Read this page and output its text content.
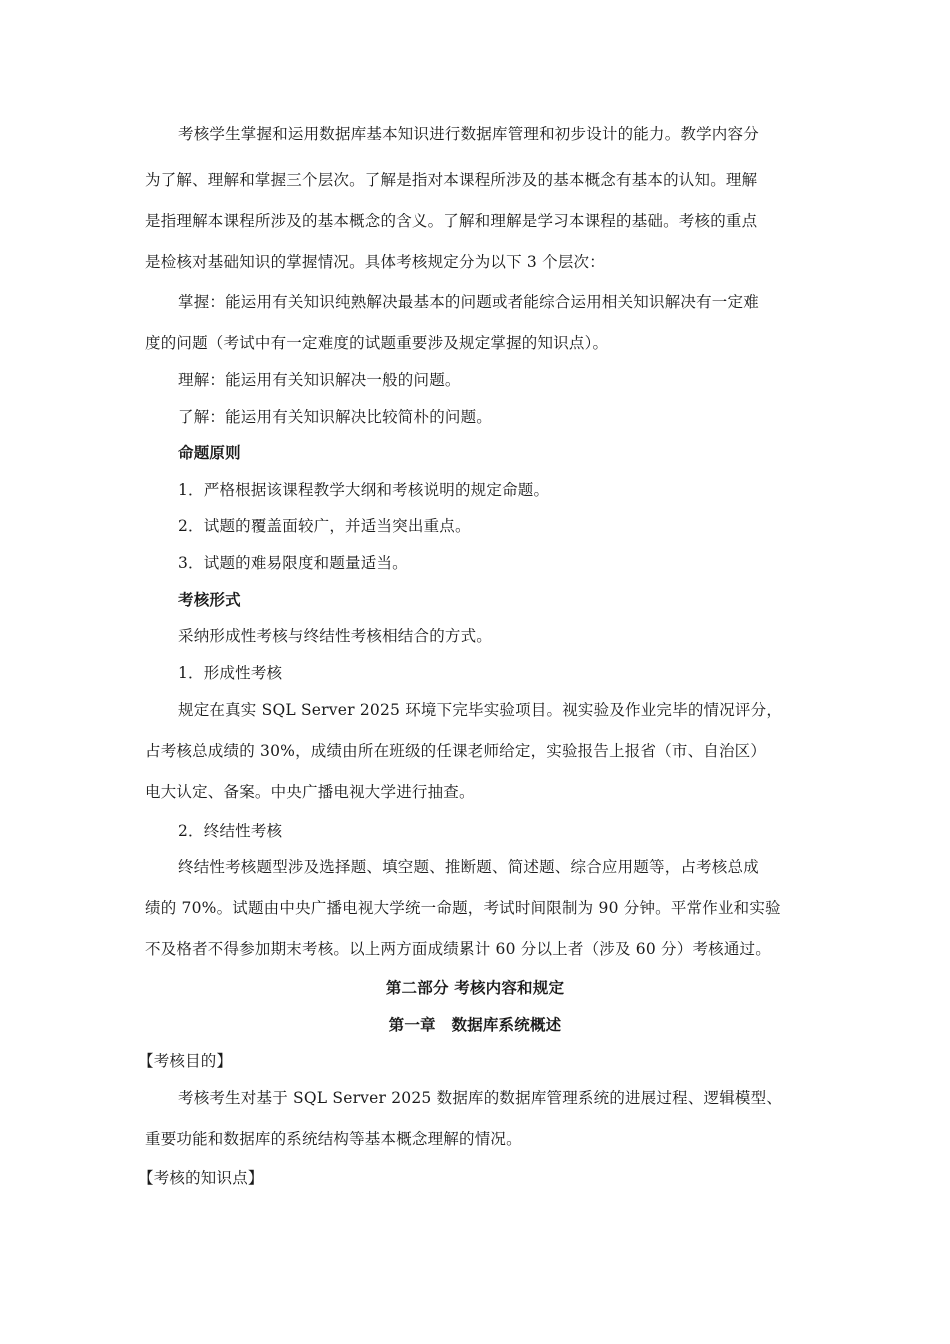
考核学生掌握和运用数据库基本知识进行数据库管理和初步设计的能力。教学内容分
为了解、理解和掌握三个层次。了解是指对本课程所涉及的基本概念有基本的认知。理解
是指理解本课程所涉及的基本概念的含义。了解和理解是学习本课程的基础。考核的重点
是检核对基础知识的掌握情况。具体考核规定分为以下 3 个层次：
掌握：能运用有关知识纯熟解决最基本的问题或者能综合运用相关知识解决有一定难
度的问题（考试中有一定难度的试题重要涉及规定掌握的知识点）。
理解：能运用有关知识解决一般的问题。
了解：能运用有关知识解决比较简朴的问题。
命题原则
1．严格根据该课程教学大纲和考核说明的规定命题。
2．试题的覆盖面较广，并适当突出重点。
3．试题的难易限度和题量适当。
考核形式
采纳形成性考核与终结性考核相结合的方式。
1．形成性考核
规定在真实 SQL Server 2025 环境下完毕实验项目。视实验及作业完毕的情况评分，
占考核总成绩的 30%，成绩由所在班级的任课老师给定，实验报告上报省（市、自治区）
电大认定、备案。中央广播电视大学进行抽查。
2．终结性考核
终结性考核题型涉及选择题、填空题、推断题、简述题、综合应用题等，占考核总成
绩的 70%。试题由中央广播电视大学统一命题，考试时间限制为 90 分钟。平常作业和实验
不及格者不得参加期末考核。以上两方面成绩累计 60 分以上者（涉及 60 分）考核通过。
第二部分 考核内容和规定
第一章　数据库系统概述
【考核目的】
考核考生对基于 SQL Server 2025 数据库的数据库管理系统的进展过程、逻辑模型、
重要功能和数据库的系统结构等基本概念理解的情况。
【考核的知识点】
